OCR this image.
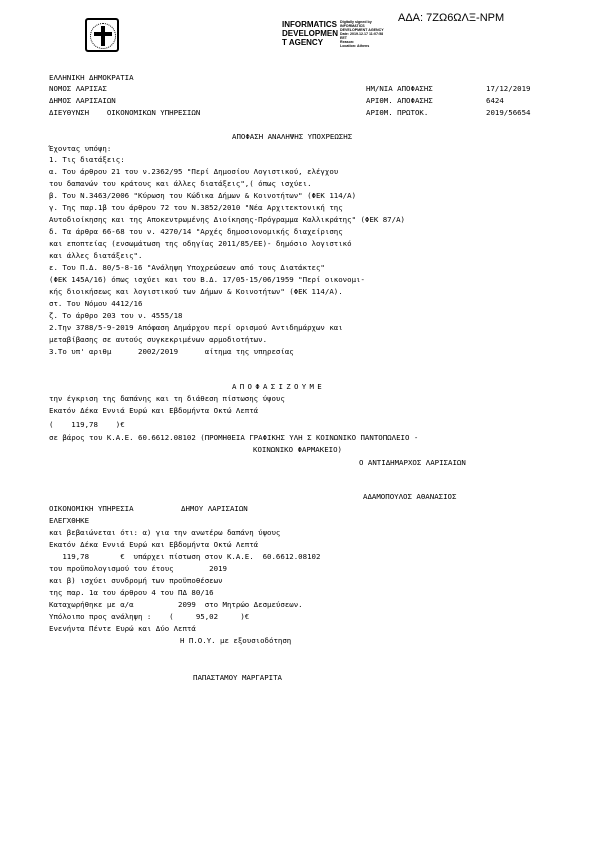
ΑΔΑ: 7ΖΩ6ΩΛΞ-ΝΡΜ
INFORMATICS
DEVELOPMEN
T AGENCY
Digitally signed by
INFORMATICS
DEVELOPMENT AGENCY
Date: 2019.12.17 11:07:58
EET
Reason:
Location: Athens
ΕΛΛΗΝΙΚΗ ΔΗΜΟΚΡΑΤΙΑ
ΝΟΜΟΣ ΛΑΡΙΣΑΣ
ΔΗΜΟΣ ΛΑΡΙΣΑΙΩΝ
ΔΙΕΥΘΥΝΣΗ    ΟΙΚΟΝΟΜΙΚΩΝ ΥΠΗΡΕΣΙΩΝ
ΗΜ/ΝΙΑ ΑΠΟΦΑΣΗΣ
ΑΡΙΘΜ. ΑΠΟΦΑΣΗΣ
ΑΡΙΘΜ. ΠΡΩΤΟΚ.
17/12/2019
6424
2019/56654
ΑΠΟΦΑΣΗ ΑΝΑΛΗΨΗΣ ΥΠΟΧΡΕΩΣΗΣ
Έχοντας υπόψη:
1. Τις διατάξεις:
α. Του άρθρου 21 του ν.2362/95 "Περί Δημοσίου Λογιστικού, ελέγχου
του δαπανών του κράτους και άλλες διατάξεις",( όπως ισχύει.
β. Του Ν.3463/2006 "Κύρωση του Κώδικα Δήμων & Κοινοτήτων" (ΦΕΚ 114/Α)
γ. Της παρ.1β του άρθρου 72 του Ν.3852/2010 "Νέα Αρχιτεκτονική της
Αυτοδιοίκησης και της Αποκεντρωμένης Διοίκησης-Πρόγραμμα Καλλικράτης" (ΦΕΚ 87/Α)
δ. Τα άρθρα 66-68 του ν. 4270/14 "Αρχές δημοσιονομικής διαχείρισης
και εποπτείας (ενσωμάτωση της οδηγίας 2011/85/ΕΕ)- δημόσιο λογιστικό
και άλλες διατάξεις".
ε. Του Π.Δ. 80/5-8-16 "Ανάληψη Υποχρεώσεων από τους Διατάκτες"
(ΦΕΚ 145Α/16) όπως ισχύει και του Β.Δ. 17/05-15/06/1959 "Περί οικονομι-
κής διοικήσεως και λογιστικού των Δήμων & Κοινοτήτων" (ΦΕΚ 114/Α).
στ. Του Νόμου 4412/16
ζ. Το άρθρο 203 του ν. 4555/18
2.Την 3788/5-9-2019 Απόφαση Δημάρχου περί ορισμού Αντιδημάρχων και
μεταβίβασης σε αυτούς συγκεκριμένων αρμοδιοτήτων.
3.Το υπ' αριθμ      2002/2019      αίτημα της υπηρεσίας
ΑΠΟΦΑΣΙΖΟΥΜΕ
την έγκριση της δαπάνης και τη διάθεση πίστωσης ύψους
Εκατόν Δέκα Εννιά Ευρώ και Εβδομήντα Οκτώ Λεπτά
(    119,78    )€
σε βάρος του Κ.Α.Ε. 60.6612.08102 (ΠΡΟΜΗΘΕΙΑ ΓΡΑΦΙΚΗΣ ΥΛΗ Σ ΚΟΙΝΩΝΙΚΟ ΠΑΝΤΟΠΩΛΕΙΟ -
ΚΟΙΝΩΝΙΚΟ ΦΑΡΜΑΚΕΙΟ)
Ο ΑΝΤΙΔΗΜΑΡΧΟΣ ΛΑΡΙΣΑΙΩΝ
ΑΔΑΜΟΠΟΥΛΟΣ ΑΘΑΝΑΣΙΟΣ
ΟΙΚΟΝΟΜΙΚΗ ΥΠΗΡΕΣΙΑ	ΔΗΜΟΥ ΛΑΡΙΣΑΙΩΝ
ΕΛΕΓΧΘΗΚΕ
και βεβαιώνεται ότι: α) για την ανωτέρω δαπάνη ύψους
Εκατόν Δέκα Εννιά Ευρώ και Εβδομήντα Οκτώ Λεπτά
119,78       €  υπάρχει πίστωση στον Κ.Α.Ε.  60.6612.08102
του προϋπολογισμού του έτους        2019
και β) ισχύει συνδρομή των προϋποθέσεων
της παρ. 1α του άρθρου 4 του ΠΔ 80/16
Καταχωρήθηκε με α/α          2099  στο Μητρώο Δεσμεύσεων.
Υπόλοιπο προς ανάληψη :    (     95,02     )€
Ενενήντα Πέντε Ευρώ και Δύο Λεπτά
Η Π.Ο.Υ. με εξουσιοδότηση
ΠΑΠΑΣΤΑΜΟΥ ΜΑΡΓΑΡΙΤΑ
